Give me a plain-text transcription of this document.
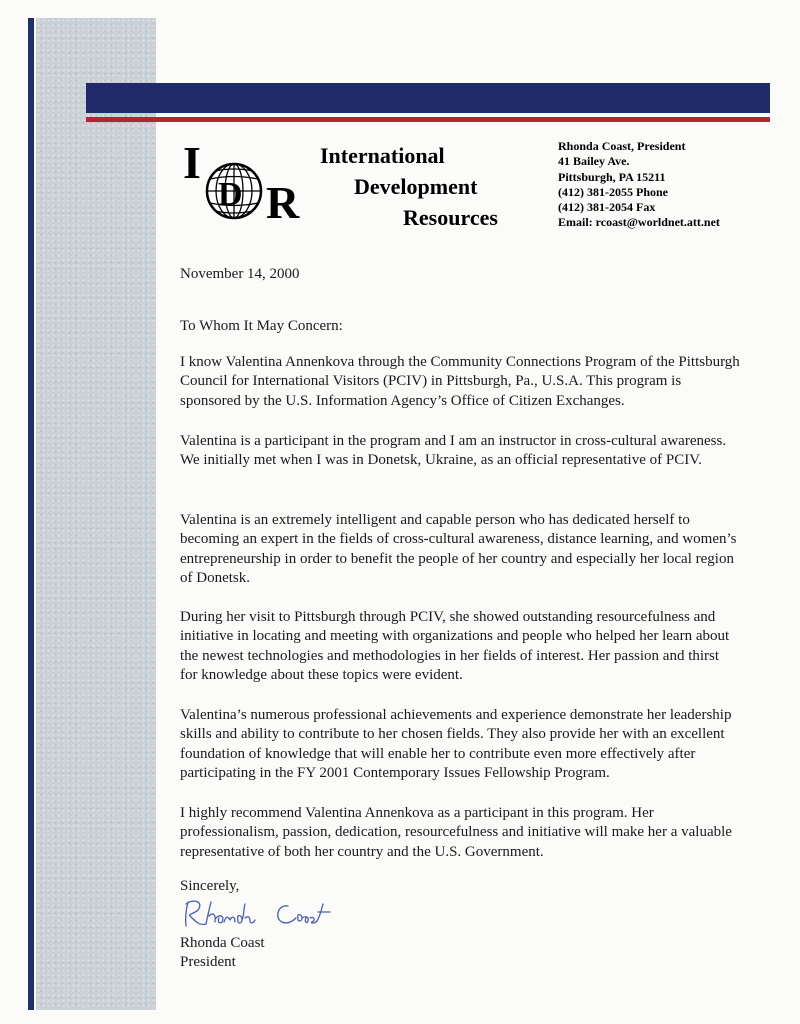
I
D R
International
Development
Resources
Rhonda Coast, President
41 Bailey Ave.
Pittsburgh, PA 15211
(412) 381-2055 Phone
(412) 381-2054 Fax
Email: rcoast@worldnet.att.net
November 14, 2000
To Whom It May Concern:

I know Valentina Annenkova through the Community Connections Program of the Pittsburgh Council for International Visitors (PCIV) in Pittsburgh, Pa., U.S.A. This program is sponsored by the U.S. Information Agency’s Office of Citizen Exchanges.

Valentina is a participant in the program and I am an instructor in cross-cultural awareness. We initially met when I was in Donetsk, Ukraine, as an official representative of PCIV.

Valentina is an extremely intelligent and capable person who has dedicated herself to becoming an expert in the fields of cross-cultural awareness, distance learning, and women’s entrepreneurship in order to benefit the people of her country and especially her local region of Donetsk.

During her visit to Pittsburgh through PCIV, she showed outstanding resourcefulness and initiative in locating and meeting with organizations and people who helped her learn about the newest technologies and methodologies in her fields of interest. Her passion and thirst for knowledge about these topics were evident.

Valentina’s numerous professional achievements and experience demonstrate her leadership skills and ability to contribute to her chosen fields. They also provide her with an excellent foundation of knowledge that will enable her to contribute even more effectively after participating in the FY 2001 Contemporary Issues Fellowship Program.

I highly recommend Valentina Annenkova as a participant in this program. Her professionalism, passion, dedication, resourcefulness and initiative will make her a valuable representative of both her country and the U.S. Government.

Sincerely,
Rhonda Coast
President
